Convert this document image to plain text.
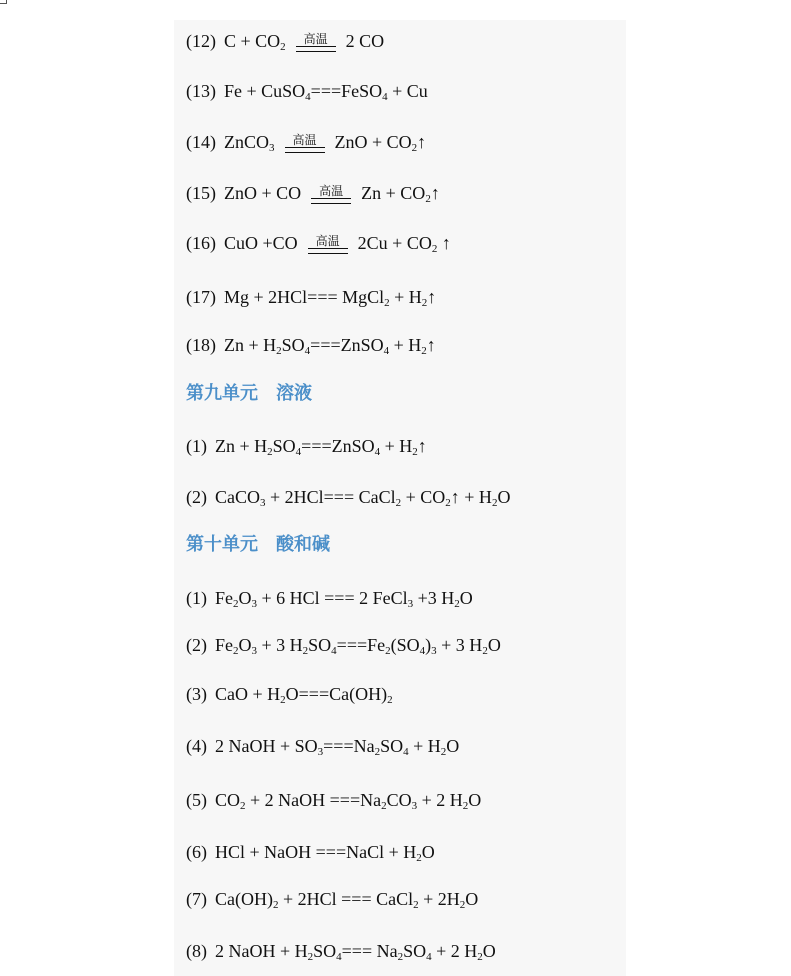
(12) $C + CO_2$
高温 2 CO
(13) Fe + CuSO$_4$===FeSO$_4$ + Cu
(14) ZnCO$_3$
高温 ZnO + $CO_2↑$
(15) ZnO + CO 高温 $Zn + CO_2↑$
(16) CuO +CO 高温 $2Cu + CO_2$ ↑
(17) Mg + 2HCl=== MgCl$_2$ + $H_2↑$
(18) $Zn + H_2SO_4===ZnSO_4$ + $H_2↑$
第九单元　溶液
(1) $Zn + H_2SO_4===ZnSO_4$ + $H_2↑$
(2) CaCO$_3$ + 2HCl=== CaCl$_2$ + $CO_2↑ + H_2O$
第十单元　酸和碱
(1) $Fe_2O_3 + 6$ HCl === 2 FeCl$_3$ +3 $H_2O$
(2) $Fe_2O_3 + 3$ $H_2SO_4===Fe_2(SO_4)_3 + 3$ $H_2O$
(3) CaO + $H_2O===Ca(OH)_2$
(4) 2 NaOH + $SO_3===Na_2SO_4 + H_2O$
(5) $CO_2 + 2$ NaOH $===Na_2CO_3 + 2$ $H_2O$
(6) HCl + NaOH ===NaCl + $H_2O$
(7) $Ca(OH)_2 + 2HCl$ === CaCl$_2$ + $2H_2O$
(8) 2 NaOH + $H_2SO_4=== Na_2SO_4 + 2$ $H_2O$
